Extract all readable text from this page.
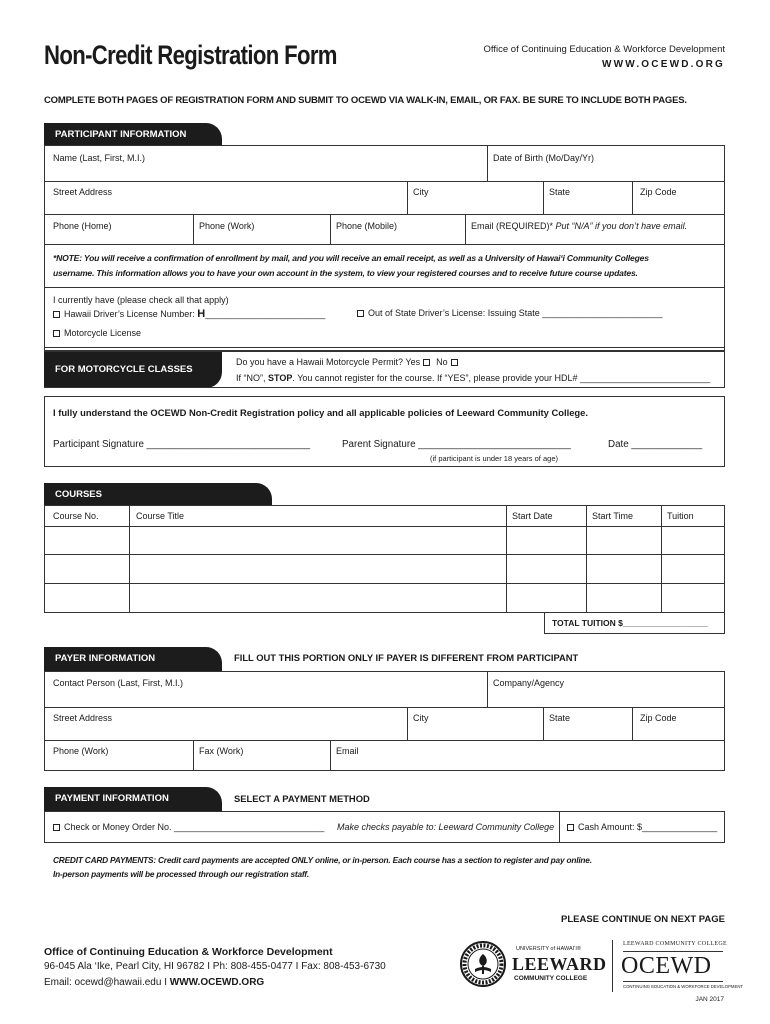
Non-Credit Registration Form	Office of Continuing Education & Workforce Development
WWW.OCEWD.ORG
COMPLETE BOTH PAGES OF REGISTRATION FORM AND SUBMIT TO OCEWD VIA WALK-IN, EMAIL, OR FAX. BE SURE TO INCLUDE BOTH PAGES.
PARTICIPANT INFORMATION
Name (Last, First, M.I.)	Date of Birth (Mo/Day/Yr)
Street Address	City	State	Zip Code
Phone (Home)	Phone (Work)	Phone (Mobile)	Email (REQUIRED)* Put “N/A” if you don’t have email.
*NOTE: You will receive a confirmation of enrollment by mail, and you will receive an email receipt, as well as a University of Hawai‘i Community Colleges
username. This information allows you to have your own account in the system, to view your registered courses and to receive future course updates.
I currently have (please check all that apply)
Hawaii Driver’s License Number: H________________________	Out of State Driver’s License: Issuing State ________________________
Motorcycle License
FOR MOTORCYCLE CLASSES
Do you have a Hawaii Motorcycle Permit? Yes No
If “NO”, STOP. You cannot register for the course. If “YES”, please provide your HDL# __________________________
I fully understand the OCEWD Non-Credit Registration policy and all applicable policies of Leeward Community College.
Participant Signature ______________________________	Parent Signature ____________________________	Date _____________
(if participant is under 18 years of age)
COURSES
Course No.	Course Title	Start Date	Start Time	Tuition
TOTAL TUITION $__________________
PAYER INFORMATION	FILL OUT THIS PORTION ONLY IF PAYER IS DIFFERENT FROM PARTICIPANT
Contact Person (Last, First, M.I.)	Company/Agency
Street Address	City	State	Zip Code
Phone (Work)	Fax (Work)	Email
PAYMENT INFORMATION	SELECT A PAYMENT METHOD
Check or Money Order No. ______________________________ Make checks payable to: Leeward Community College	Cash Amount: $_______________
CREDIT CARD PAYMENTS: Credit card payments are accepted ONLY online, or in-person. Each course has a section to register and pay online.
In-person payments will be processed through our registration staff.
PLEASE CONTINUE ON NEXT PAGE
Office of Continuing Education & Workforce Development
96-045 Ala ‘Ike, Pearl City, HI 96782 I Ph: 808-455-0477 I Fax: 808-453-6730
Email: ocewd@hawaii.edu I WWW.OCEWD.ORG
UNIVERSITY of HAWAI‘I®
LEEWARD
COMMUNITY COLLEGE
LEEWARD COMMUNITY COLLEGE
OCEWD
CONTINUING EDUCATION & WORKFORCE DEVELOPMENT
JAN 2017
